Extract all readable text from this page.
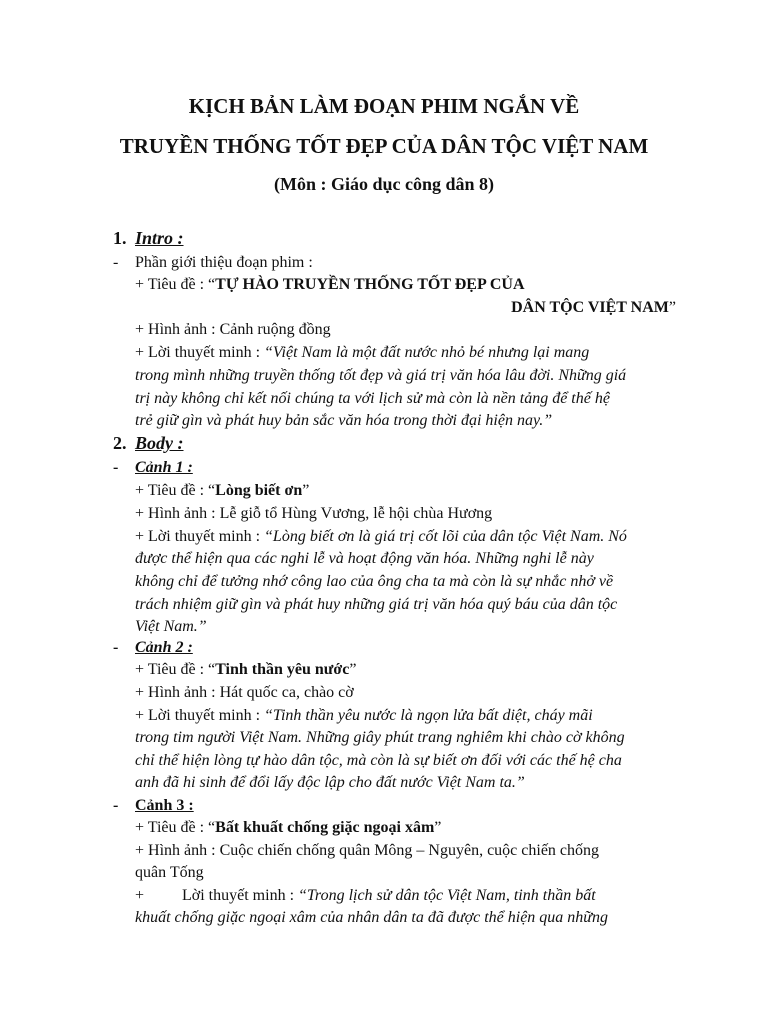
KỊCH BẢN LÀM ĐOẠN PHIM NGẮN VỀ
TRUYỀN THỐNG TỐT ĐẸP CỦA DÂN TỘC VIỆT NAM
(Môn : Giáo dục công dân 8)
1. Intro :
- Phần giới thiệu đoạn phim :
+ Tiêu đề : “TỰ HÀO TRUYỀN THỐNG TỐT ĐẸP CỦA
DÂN TỘC VIỆT NAM”
+ Hình ảnh : Cảnh ruộng đồng
+ Lời thuyết minh : “Việt Nam là một đất nước nhỏ bé nhưng lại mang
trong mình những truyền thống tốt đẹp và giá trị văn hóa lâu đời. Những giá
trị này không chỉ kết nối chúng ta với lịch sử mà còn là nền tảng để thế hệ
trẻ giữ gìn và phát huy bản sắc văn hóa trong thời đại hiện nay.”
2. Body :
- Cảnh 1 :
+ Tiêu đề : “Lòng biết ơn”
+ Hình ảnh : Lễ giỗ tổ Hùng Vương, lễ hội chùa Hương
+ Lời thuyết minh : “Lòng biết ơn là giá trị cốt lõi của dân tộc Việt Nam. Nó
được thể hiện qua các nghi lễ và hoạt động văn hóa. Những nghi lễ này
không chỉ để tưởng nhớ công lao của ông cha ta mà còn là sự nhắc nhở về
trách nhiệm giữ gìn và phát huy những giá trị văn hóa quý báu của dân tộc
Việt Nam.”
- Cảnh 2 :
+ Tiêu đề : “Tinh thần yêu nước”
+ Hình ảnh : Hát quốc ca, chào cờ
+ Lời thuyết minh : “Tinh thần yêu nước là ngọn lửa bất diệt, cháy mãi
trong tim người Việt Nam. Những giây phút trang nghiêm khi chào cờ không
chỉ thể hiện lòng tự hào dân tộc, mà còn là sự biết ơn đối với các thế hệ cha
anh đã hi sinh để đổi lấy độc lập cho đất nước Việt Nam ta.”
- Cảnh 3 :
+ Tiêu đề : “Bất khuất chống giặc ngoại xâm”
+ Hình ảnh : Cuộc chiến chống quân Mông – Nguyên, cuộc chiến chống
quân Tống
+ Lời thuyết minh : “Trong lịch sử dân tộc Việt Nam, tinh thần bất
khuất chống giặc ngoại xâm của nhân dân ta đã được thể hiện qua những
